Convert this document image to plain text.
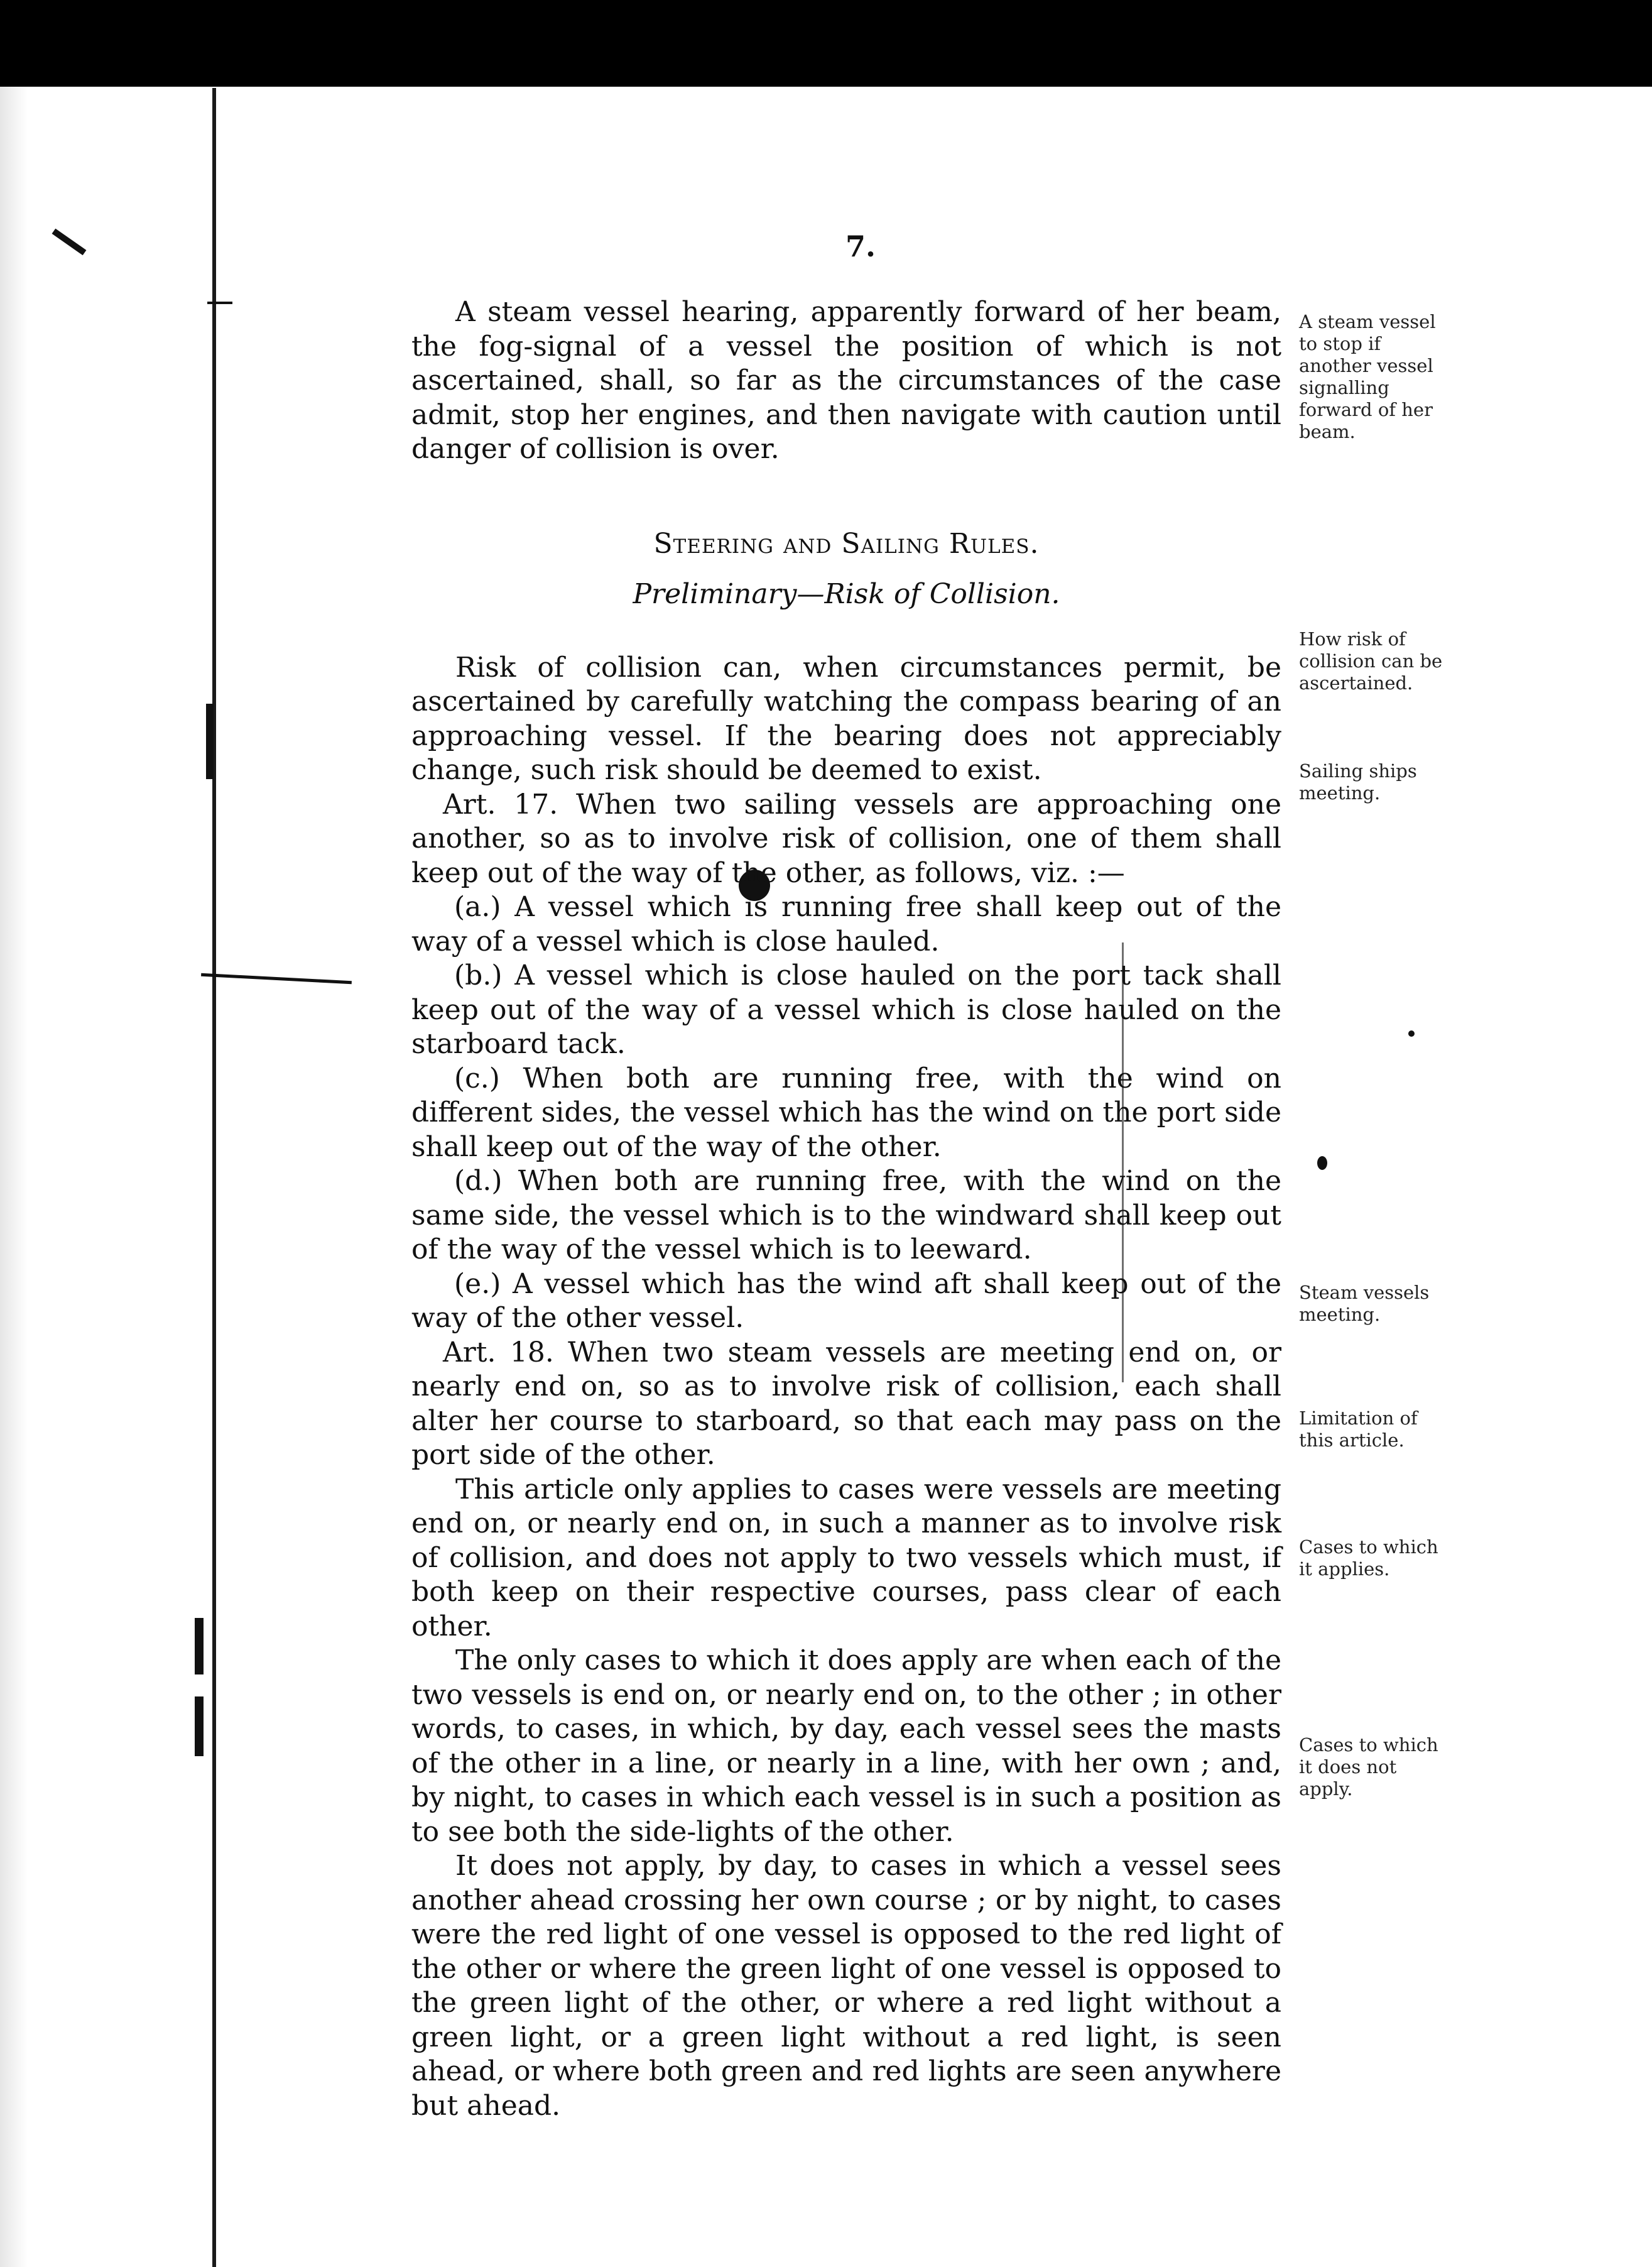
7.

A steam vessel hearing, apparently forward of her beam, the fog-signal of a vessel the position of which is not ascertained, shall, so far as the circumstances of the case admit, stop her engines, and then navigate with caution until danger of collision is over.

Steering and Sailing Rules.
Preliminary—Risk of Collision.

Risk of collision can, when circumstances permit, be ascertained by carefully watching the compass bearing of an approaching vessel. If the bearing does not appreciably change, such risk should be deemed to exist.

Art. 17. When two sailing vessels are approaching one another, so as to involve risk of collision, one of them shall keep out of the way of the other, as follows, viz. :—

(a.) A vessel which is running free shall keep out of the way of a vessel which is close hauled.

(b.) A vessel which is close hauled on the port tack shall keep out of the way of a vessel which is close hauled on the starboard tack.

(c.) When both are running free, with the wind on different sides, the vessel which has the wind on the port side shall keep out of the way of the other.

(d.) When both are running free, with the wind on the same side, the vessel which is to the windward shall keep out of the way of the vessel which is to leeward.

(e.) A vessel which has the wind aft shall keep out of the way of the other vessel.

Art. 18. When two steam vessels are meeting end on, or nearly end on, so as to involve risk of collision, each shall alter her course to starboard, so that each may pass on the port side of the other.

This article only applies to cases were vessels are meeting end on, or nearly end on, in such a manner as to involve risk of collision, and does not apply to two vessels which must, if both keep on their respective courses, pass clear of each other.

The only cases to which it does apply are when each of the two vessels is end on, or nearly end on, to the other ; in other words, to cases, in which, by day, each vessel sees the masts of the other in a line, or nearly in a line, with her own ; and, by night, to cases in which each vessel is in such a position as to see both the side-lights of the other.

It does not apply, by day, to cases in which a vessel sees another ahead crossing her own course ; or by night, to cases were the red light of one vessel is opposed to the red light of the other or where the green light of one vessel is opposed to the green light of the other, or where a red light without a green light, or a green light without a red light, is seen ahead, or where both green and red lights are seen anywhere but ahead.

A steam vessel to stop if another vessel signalling forward of her beam.
How risk of collision can be ascertained.
Sailing ships meeting.
Steam vessels meeting.
Limitation of this article.
Cases to which it applies.
Cases to which it does not apply.
